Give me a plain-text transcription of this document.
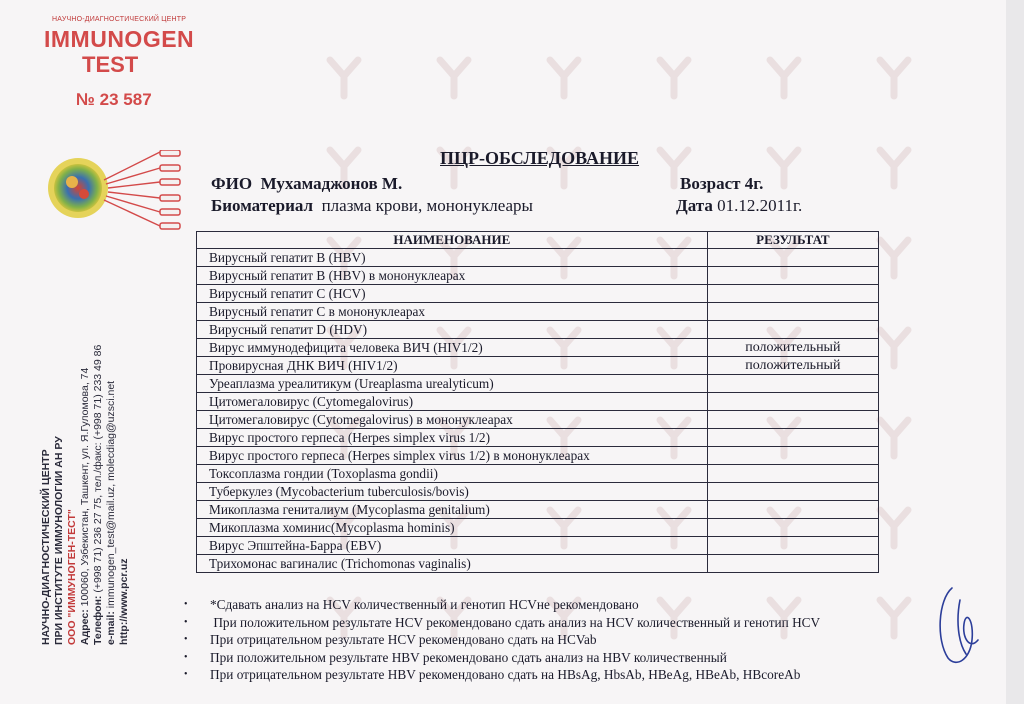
НАУЧНО-ДИАГНОСТИЧЕСКИЙ ЦЕНТР
IMMUNOGEN
TEST
№ 23 587
НАУЧНО-ДИАГНОСТИЧЕСКИЙ ЦЕНТР ПРИ ИНСТИТУТЕ ИММУНОЛОГИИ АН РУ ООО "ИММУНОГЕН-ТЕСТ" Адрес: 100060, Узбекистан, Ташкент, ул. Я.Гуломова, 74
Телефон: (+998 71) 236 27 75, тел./факс: (+998 71) 233 49 86
e-mail: immunogen_test@mail.uz, molecdiag@uzsci.net http://www.pcr.uz
ПЦР-ОБСЛЕДОВАНИЕ
ФИО Мухамаджонов М.	Возраст 4г.
Биоматериал плазма крови, мононуклеары	Дата 01.12.2011г.
НАИМЕНОВАНИЕ	РЕЗУЛЬТАТ
Вирусный гепатит В (HBV)	
Вирусный гепатит В (HBV) в мононуклеарах	
Вирусный гепатит С (HCV)	
Вирусный гепатит С в мононуклеарах	
Вирусный гепатит D (HDV)	
Вирус иммунодефицита человека ВИЧ (HIV1/2)	положительный
Провирусная ДНК ВИЧ (HIV1/2)	положительный
Уреаплазма уреалитикум (Ureaplasma urealyticum)	
Цитомегаловирус (Cytomegalovirus)	
Цитомегаловирус (Cytomegalovirus) в мононуклеарах	
Вирус простого герпеса (Herpes simplex virus 1/2)	
Вирус простого герпеса (Herpes simplex virus 1/2) в мононуклеарах	
Токсоплазма гондии (Toxoplasma gondii)	
Туберкулез (Mycobacterium tuberculosis/bovis)	
Микоплазма гениталиум (Mycoplasma genitalium)	
Микоплазма хоминис(Mycoplasma hominis)	
Вирус Эпштейна-Барра (EBV)	
Трихомонас вагиналис (Trichomonas vaginalis)	
•	*Сдавать анализ на HCV количественный и генотип HCVне рекомендовано
•	При положительном результате HCV рекомендовано сдать анализ на HCV количественный и генотип HCV
•	При отрицательном результате HCV рекомендовано сдать на HCVab
•	При положительном результате HBV рекомендовано сдать анализ на HBV количественный
•	При отрицательном результате HBV рекомендовано сдать на HBsAg, HbsAb, HBeAg, HBeAb, HBcoreAb
